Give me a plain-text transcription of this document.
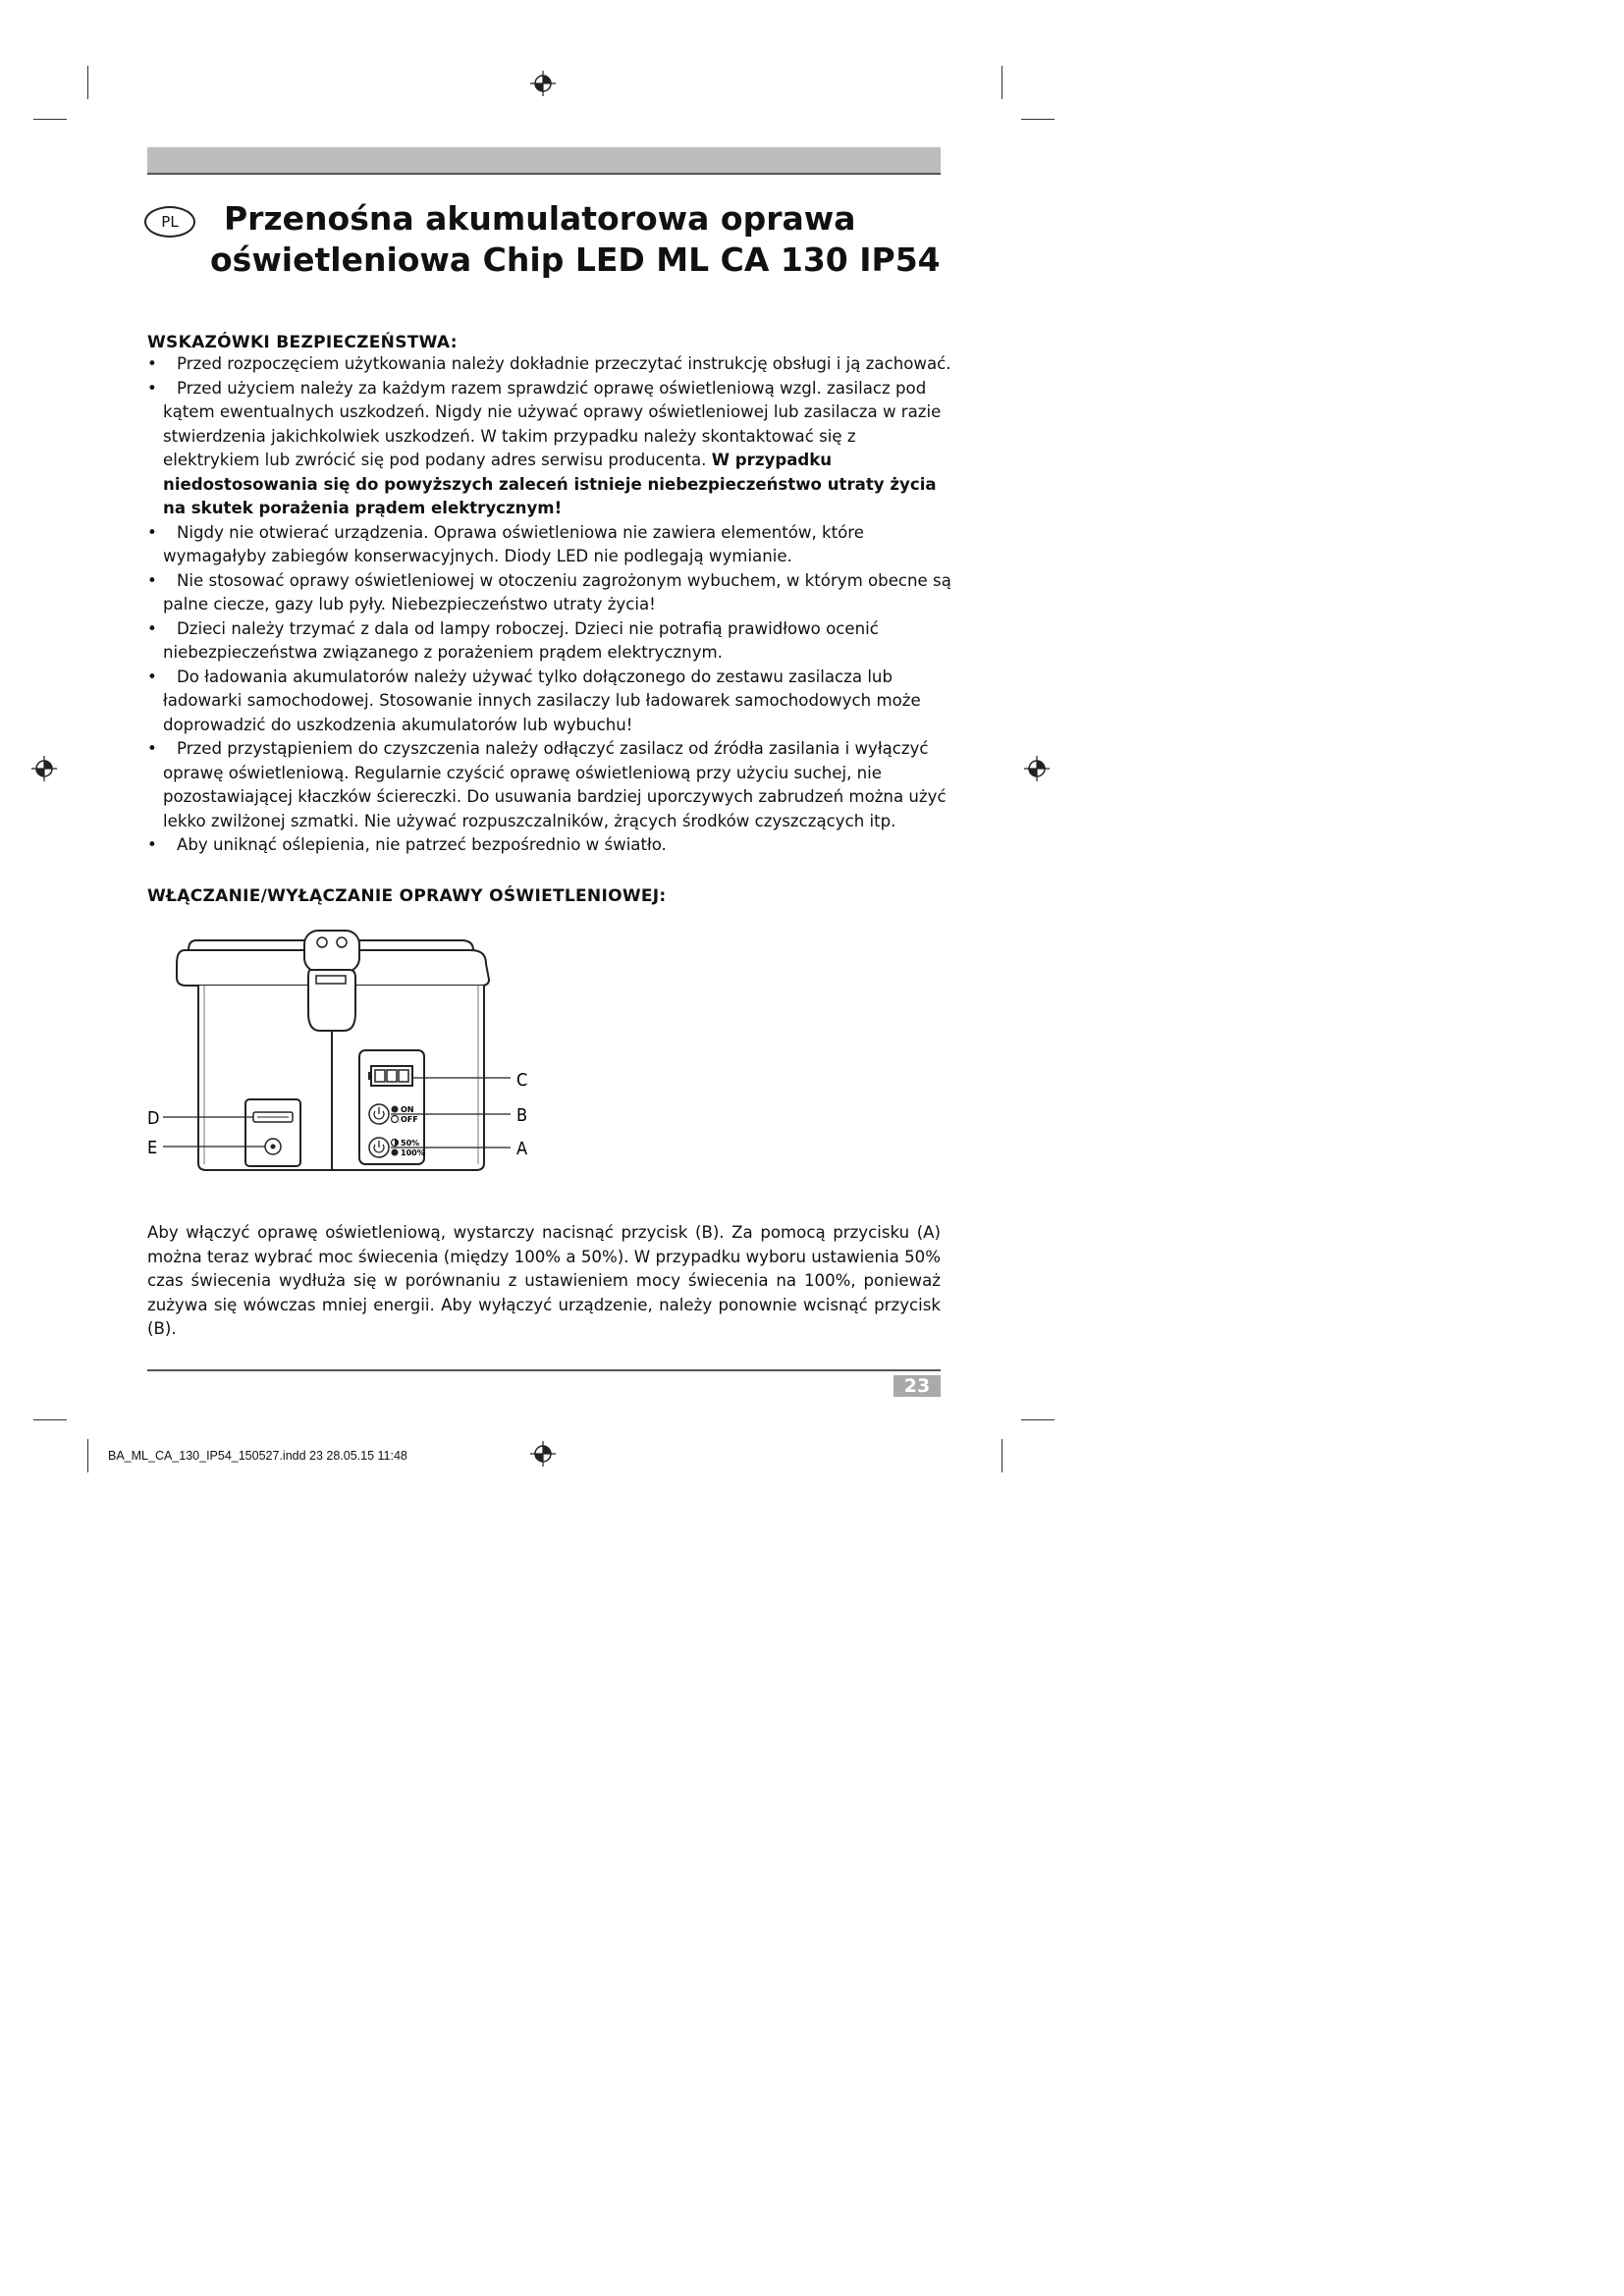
PL	Przenośna akumulatorowa oprawa
oświetleniowa Chip LED ML CA 130 IP54
WSKAZÓWKI BEZPIECZEŃSTWA:
• Przed rozpoczęciem użytkowania należy dokładnie przeczytać instrukcję obsługi i ją zachować.
• Przed użyciem należy za każdym razem sprawdzić oprawę oświetleniową wzgl. zasilacz pod kątem ewentualnych uszkodzeń. Nigdy nie używać oprawy oświetleniowej lub zasilacza w razie stwierdzenia jakichkolwiek uszkodzeń. W takim przypadku należy skontaktować się z elektrykiem lub zwrócić się pod podany adres serwisu producenta. W przypadku niedostosowania się do powyższych zaleceń istnieje niebezpieczeństwo utraty życia na skutek porażenia prądem elektrycznym!
• Nigdy nie otwierać urządzenia. Oprawa oświetleniowa nie zawiera elementów, które wymagałyby zabiegów konserwacyjnych. Diody LED nie podlegają wymianie.
• Nie stosować oprawy oświetleniowej w otoczeniu zagrożonym wybuchem, w którym obecne są palne ciecze, gazy lub pyły. Niebezpieczeństwo utraty życia!
• Dzieci należy trzymać z dala od lampy roboczej. Dzieci nie potrafią prawidłowo ocenić niebezpieczeństwa związanego z porażeniem prądem elektrycznym.
• Do ładowania akumulatorów należy używać tylko dołączonego do zestawu zasilacza lub ładowarki samochodowej. Stosowanie innych zasilaczy lub ładowarek samochodowych może doprowadzić do uszkodzenia akumulatorów lub wybuchu!
• Przed przystąpieniem do czyszczenia należy odłączyć zasilacz od źródła zasilania i wyłączyć oprawę oświetleniową. Regularnie czyścić oprawę oświetleniową przy użyciu suchej, nie pozostawiającej kłaczków ściereczki. Do usuwania bardziej uporczywych zabrudzeń można użyć lekko zwilżonej szmatki. Nie używać rozpuszczalników, żrących środków czyszczących itp.
• Aby uniknąć oślepienia, nie patrzeć bezpośrednio w światło.
WŁĄCZANIE/WYŁĄCZANIE OPRAWY OŚWIETLENIOWEJ:
ON
OFF
50%
100%
C
B
A
D
E
Aby włączyć oprawę oświetleniową, wystarczy nacisnąć przycisk (B). Za pomocą przycisku (A) można teraz wybrać moc świecenia (między 100% a 50%). W przypadku wyboru ustawienia 50% czas świecenia wydłuża się w porównaniu z ustawieniem mocy świecenia na 100%, ponieważ zużywa się wówczas mniej energii. Aby wyłączyć urządzenie, należy ponownie wcisnąć przycisk (B).
23
BA_ML_CA_130_IP54_150527.indd 23 28.05.15 11:48
